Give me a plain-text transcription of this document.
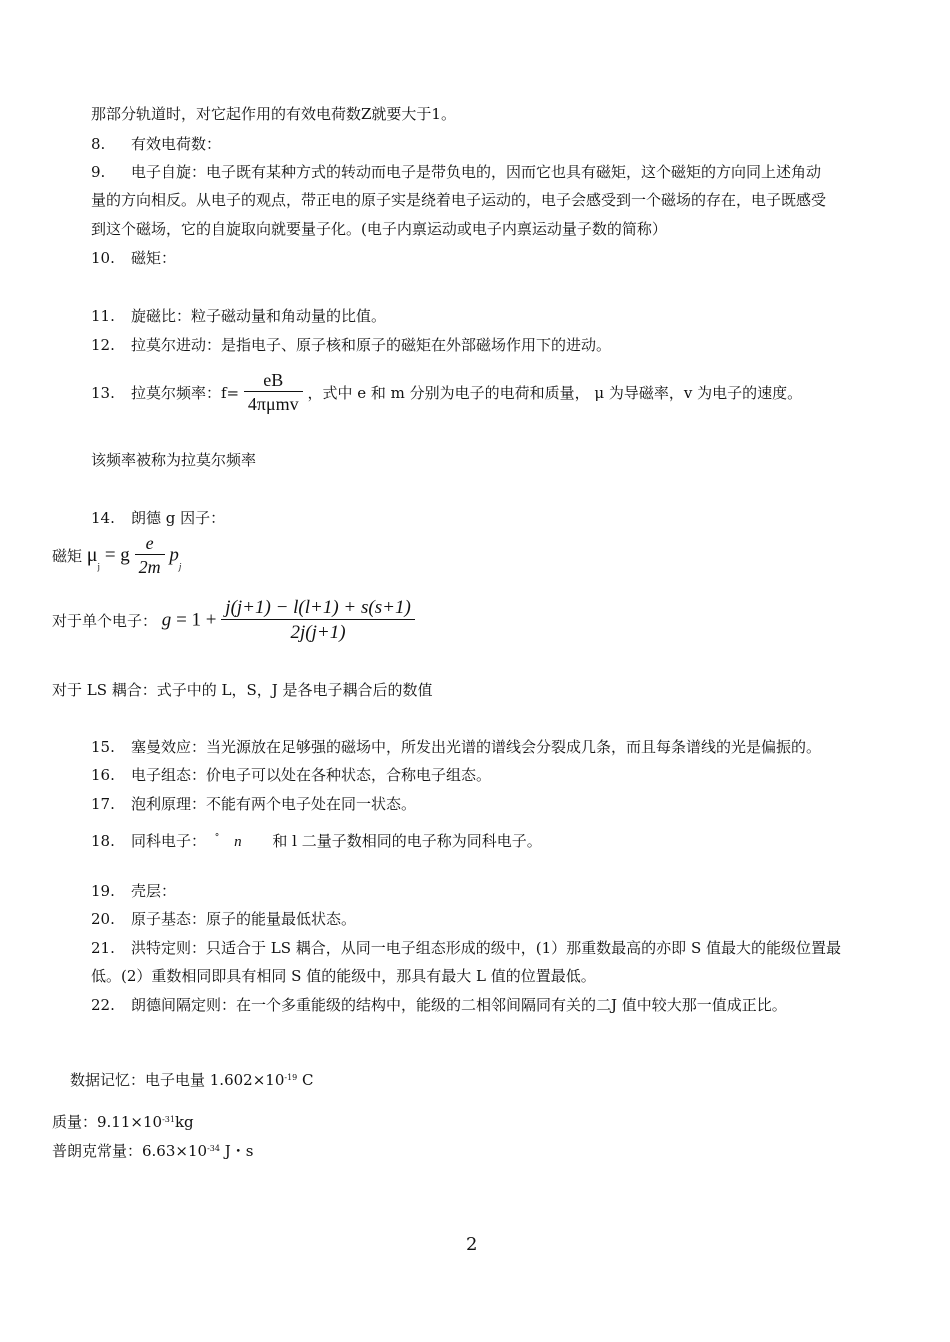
那部分轨道时，对它起作用的有效电荷数Z就要大于1。
8. 有效电荷数：
9. 电子自旋：电子既有某种方式的转动而电子是带负电的，因而它也具有磁矩，这个磁矩的方向同上述角动
量的方向相反。从电子的观点，带正电的原子实是绕着电子运动的，电子会感受到一个磁场的存在，电子既感受
到这个磁场，它的自旋取向就要量子化。(电子内禀运动或电子内禀运动量子数的简称）
10. 磁矩：
11. 旋磁比：粒子磁动量和角动量的比值。
12. 拉莫尔进动：是指电子、原子核和原子的磁矩在外部磁场作用下的进动。
13. 拉莫尔频率：$f= \frac{eB}{\text{4πμmv}}$ ，式中 e 和 m 分别为电子的电荷和质量， μ 为导磁率，v 为电子的速度。
该频率被称为拉莫尔频率
14. 朗德 g 因子：
磁矩 $\mu_j = g \frac{e}{2m} p_j$
对于单个电子： $g = 1 + \frac{j(j+1) - l(l+1) + s(s+1)}{2j(j+1)}$
对于 LS 耦合：式子中的 L，S，J 是各电子耦合后的数值
15. 塞曼效应：当光源放在足够强的磁场中，所发出光谱的谱线会分裂成几条，而且每条谱线的光是偏振的。
16. 电子组态：价电子可以处在各种状态，合称电子组态。
17. 泡利原理：不能有两个电子处在同一状态。
18. 同科电子： ° n 和 l 二量子数相同的电子称为同科电子。
19. 壳层：
20. 原子基态：原子的能量最低状态。
21. 洪特定则：只适合于 LS 耦合，从同一电子组态形成的级中，(1）那重数最高的亦即 S 值最大的能级位置最
低。(2）重数相同即具有相同 S 值的能级中，那具有最大 L 值的位置最低。
22. 朗德间隔定则：在一个多重能级的结构中，能级的二相邻间隔同有关的二J 值中较大那一值成正比。
数据记忆：电子电量 $1.602\times 10^{-19}$ C
质量：$9.11\times 10^{-31}kg$
普朗克常量：$6.63\times 10^{-34}$ J・s
2
